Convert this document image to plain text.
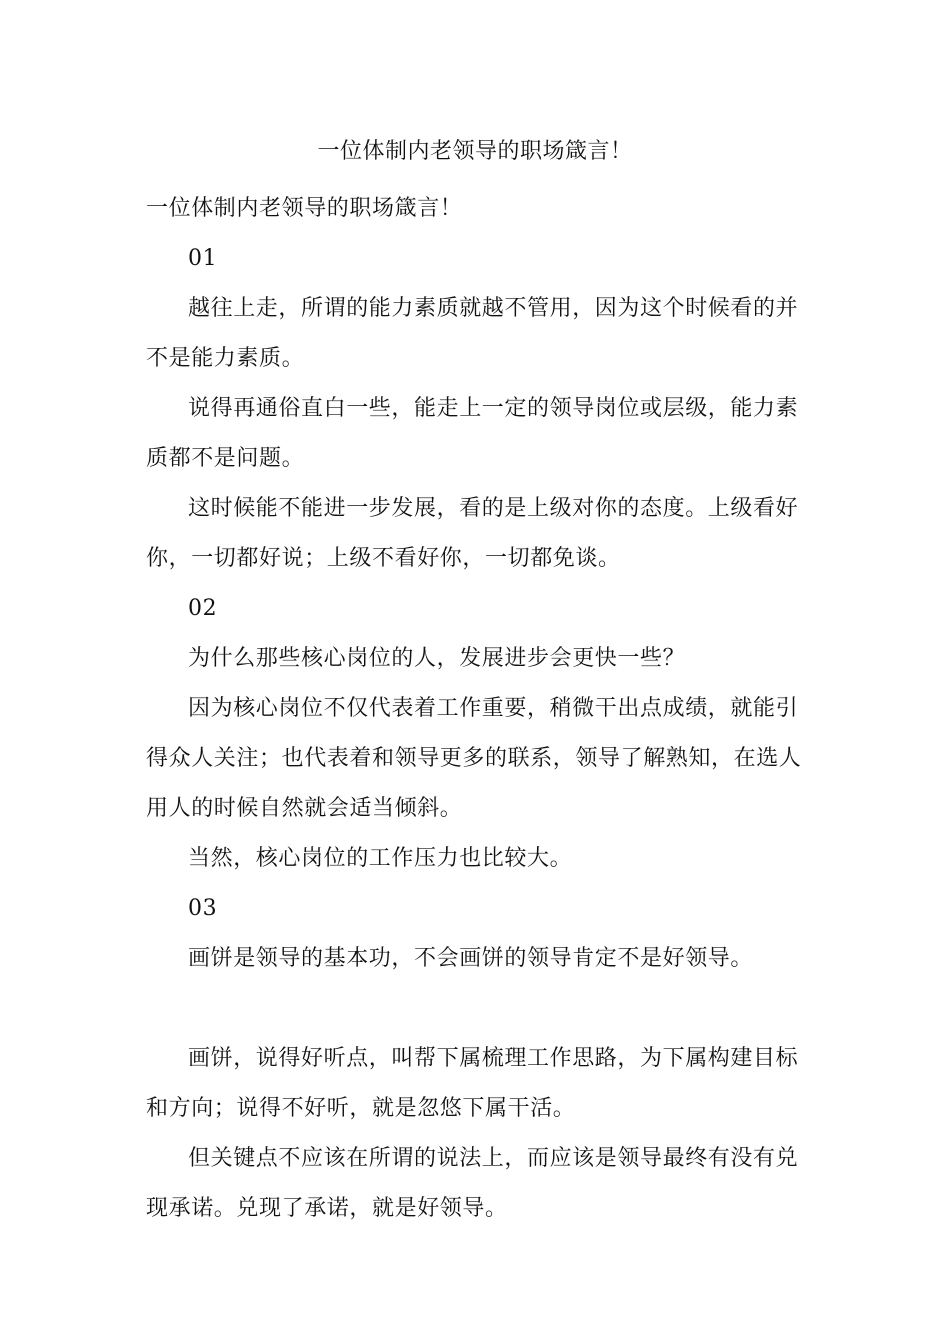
一位体制内老领导的职场箴言！

一位体制内老领导的职场箴言！

01

越往上走，所谓的能力素质就越不管用，因为这个时候看的并不是能力素质。

说得再通俗直白一些，能走上一定的领导岗位或层级，能力素质都不是问题。

这时候能不能进一步发展，看的是上级对你的态度。上级看好你，一切都好说；上级不看好你，一切都免谈。

02

为什么那些核心岗位的人，发展进步会更快一些？

因为核心岗位不仅代表着工作重要，稍微干出点成绩，就能引得众人关注；也代表着和领导更多的联系，领导了解熟知，在选人用人的时候自然就会适当倾斜。

当然，核心岗位的工作压力也比较大。

03

画饼是领导的基本功，不会画饼的领导肯定不是好领导。

画饼，说得好听点，叫帮下属梳理工作思路，为下属构建目标和方向；说得不好听，就是忽悠下属干活。

但关键点不应该在所谓的说法上，而应该是领导最终有没有兑现承诺。兑现了承诺，就是好领导。
